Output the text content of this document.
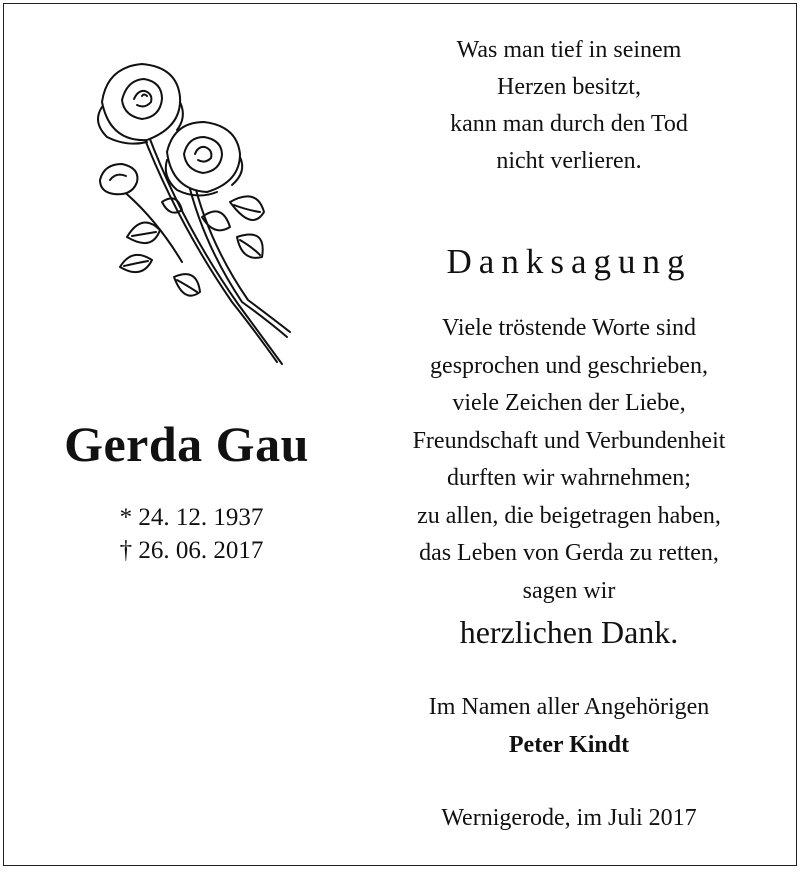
Gerda Gau
* 24. 12. 1937
† 26. 06. 2017
Was man tief in seinem
Herzen besitzt,
kann man durch den Tod
nicht verlieren.
Danksagung
Viele tröstende Worte sind
gesprochen und geschrieben,
viele Zeichen der Liebe,
Freundschaft und Verbundenheit
durften wir wahrnehmen;
zu allen, die beigetragen haben,
das Leben von Gerda zu retten,
sagen wir
herzlichen Dank.
Im Namen aller Angehörigen
Peter Kindt
Wernigerode, im Juli 2017
